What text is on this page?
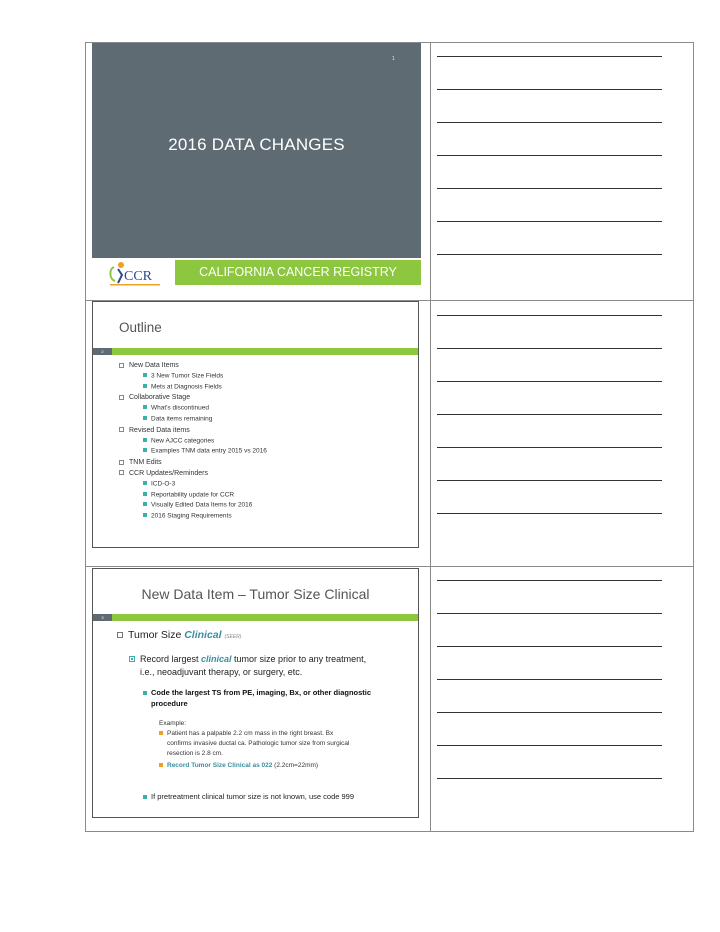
1
2016 DATA CHANGES
CCR	CALIFORNIA CANCER REGISTRY
Outline
2
New Data Items
3 New Tumor Size Fields
Mets at Diagnosis Fields
Collaborative Stage
What's discontinued
Data items remaining
Revised Data items
New AJCC categories
Examples TNM data entry 2015 vs 2016
TNM Edits
CCR Updates/Reminders
ICD-O-3
Reportability update for CCR
Visually Edited Data Items for 2016
2016 Staging Requirements
New Data Item – Tumor Size Clinical
3
Tumor Size Clinical (SEER)
Record largest clinical tumor size prior to any treatment,
i.e., neoadjuvant therapy, or surgery, etc.
Code the largest TS from PE, imaging, Bx, or other diagnostic
procedure
Example:
Patient has a palpable 2.2 cm mass in the right breast. Bx
confirms invasive ductal ca. Pathologic tumor size from surgical
resection is 2.8 cm.
Record Tumor Size Clinical as 022 (2.2cm=22mm)
If pretreatment clinical tumor size is not known, use code 999
